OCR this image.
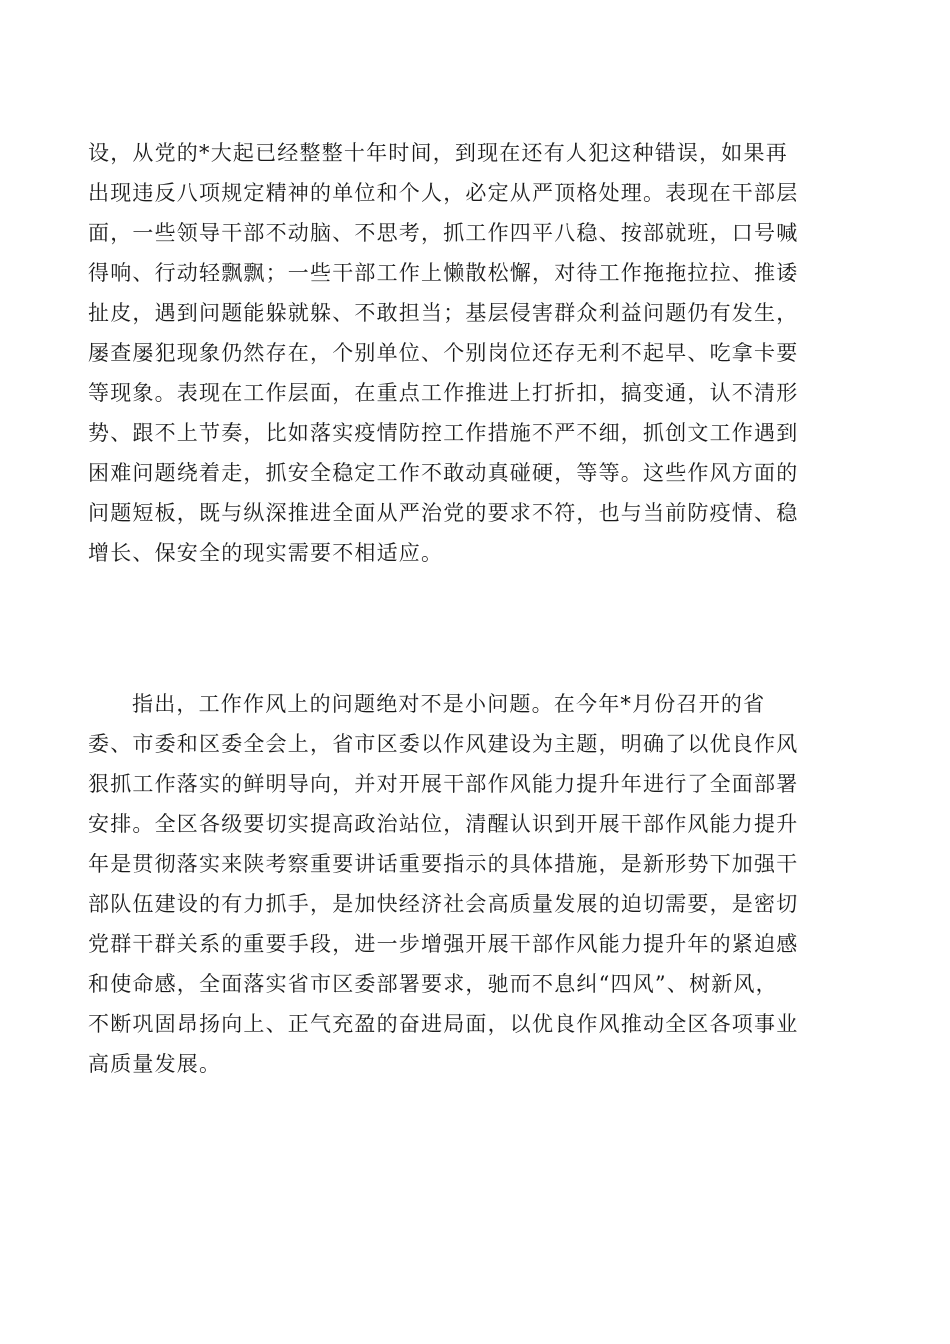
设，从党的*大起已经整整十年时间，到现在还有人犯这种错误，如果再
出现违反八项规定精神的单位和个人，必定从严顶格处理。表现在干部层
面，一些领导干部不动脑、不思考，抓工作四平八稳、按部就班，口号喊
得响、行动轻飘飘；一些干部工作上懒散松懈，对待工作拖拖拉拉、推诿
扯皮，遇到问题能躲就躲、不敢担当；基层侵害群众利益问题仍有发生，
屡查屡犯现象仍然存在，个别单位、个别岗位还存无利不起早、吃拿卡要
等现象。表现在工作层面，在重点工作推进上打折扣，搞变通，认不清形
势、跟不上节奏，比如落实疫情防控工作措施不严不细，抓创文工作遇到
困难问题绕着走，抓安全稳定工作不敢动真碰硬，等等。这些作风方面的
问题短板，既与纵深推进全面从严治党的要求不符，也与当前防疫情、稳
增长、保安全的现实需要不相适应。
指出，工作作风上的问题绝对不是小问题。在今年*月份召开的省
委、市委和区委全会上，省市区委以作风建设为主题，明确了以优良作风
狠抓工作落实的鲜明导向，并对开展干部作风能力提升年进行了全面部署
安排。全区各级要切实提高政治站位，清醒认识到开展干部作风能力提升
年是贯彻落实来陕考察重要讲话重要指示的具体措施，是新形势下加强干
部队伍建设的有力抓手，是加快经济社会高质量发展的迫切需要，是密切
党群干群关系的重要手段，进一步增强开展干部作风能力提升年的紧迫感
和使命感，全面落实省市区委部署要求，驰而不息纠“四风”、树新风，
不断巩固昂扬向上、正气充盈的奋进局面，以优良作风推动全区各项事业
高质量发展。
